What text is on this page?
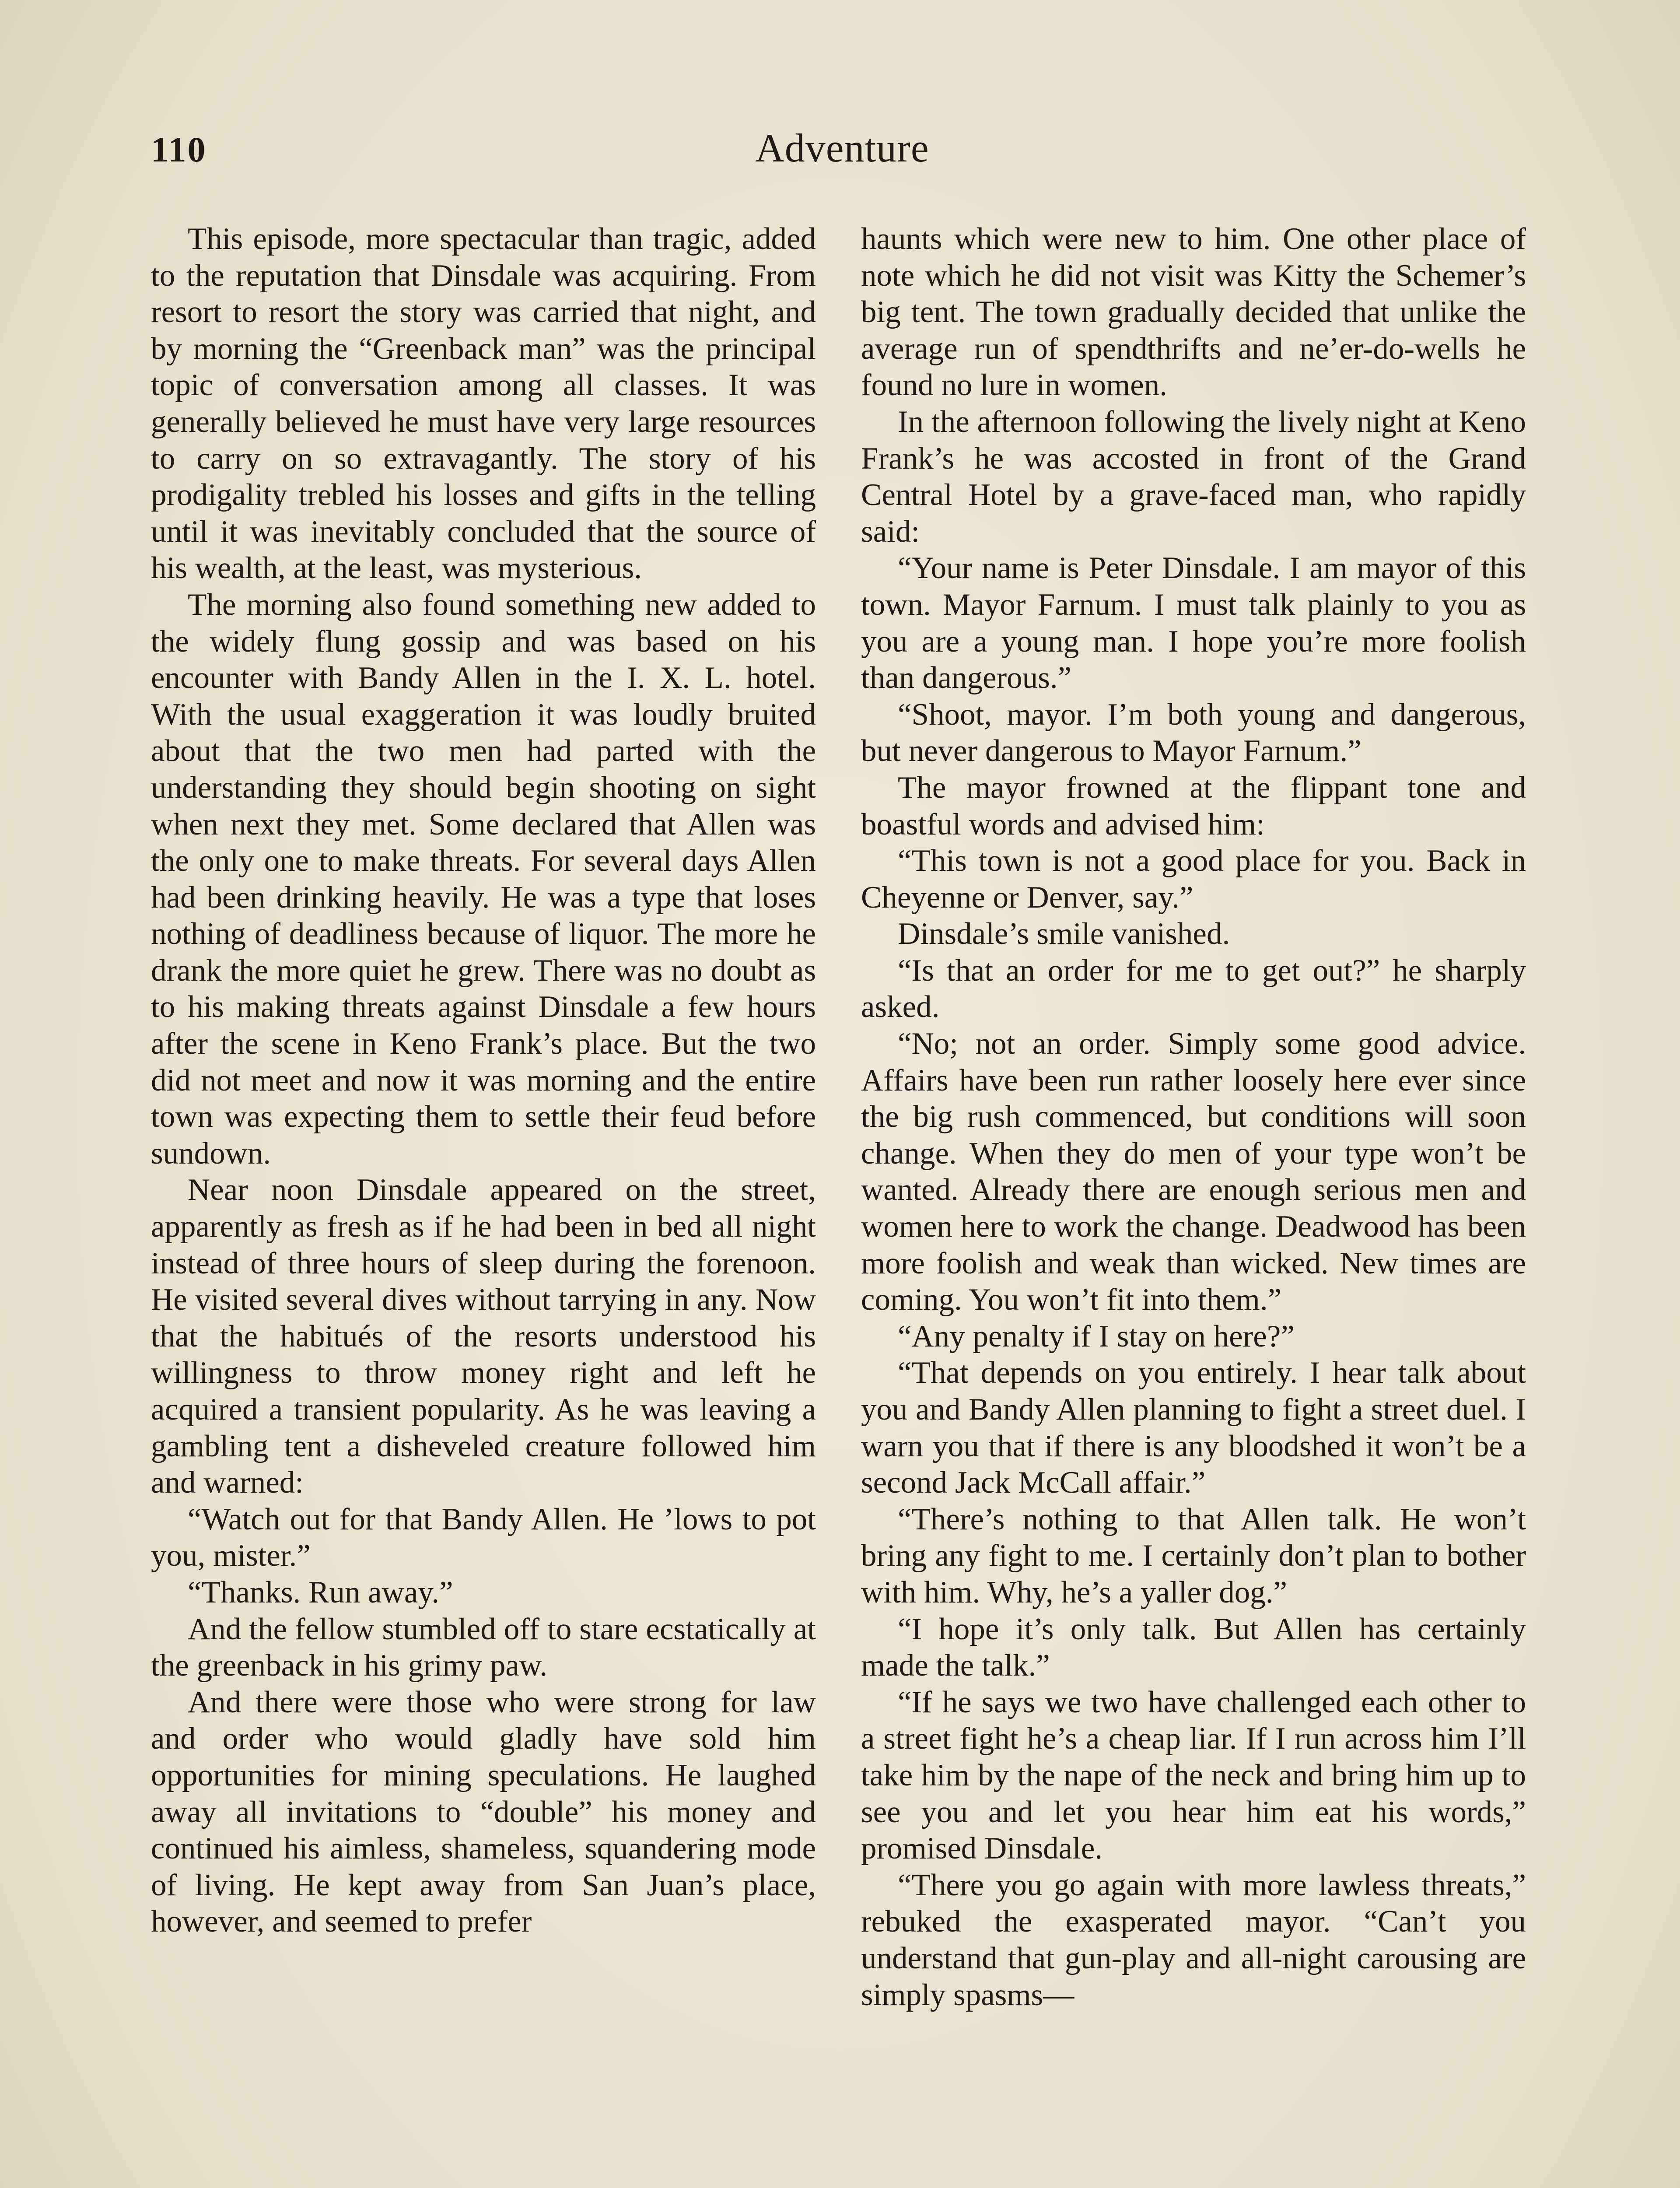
110	Adventure

This episode, more spectacular than tragic, added to the reputation that Dinsdale was acquiring. From resort to resort the story was carried that night, and by morning the “Greenback man” was the principal topic of conversation among all classes. It was generally believed he must have very large resources to carry on so extravagantly. The story of his prodigality trebled his losses and gifts in the telling until it was inevitably concluded that the source of his wealth, at the least, was mysterious.

The morning also found something new added to the widely flung gossip and was based on his encounter with Bandy Allen in the I. X. L. hotel. With the usual exaggeration it was loudly bruited about that the two men had parted with the understanding they should begin shooting on sight when next they met. Some declared that Allen was the only one to make threats. For several days Allen had been drinking heavily. He was a type that loses nothing of deadliness because of liquor. The more he drank the more quiet he grew. There was no doubt as to his making threats against Dinsdale a few hours after the scene in Keno Frank’s place. But the two did not meet and now it was morning and the entire town was expecting them to settle their feud before sundown.

Near noon Dinsdale appeared on the street, apparently as fresh as if he had been in bed all night instead of three hours of sleep during the forenoon. He visited several dives without tarrying in any. Now that the habitués of the resorts understood his willingness to throw money right and left he acquired a transient popularity. As he was leaving a gambling tent a disheveled creature followed him and warned:

“Watch out for that Bandy Allen. He ’lows to pot you, mister.”

“Thanks. Run away.”

And the fellow stumbled off to stare ecstatically at the greenback in his grimy paw.

And there were those who were strong for law and order who would gladly have sold him opportunities for mining speculations. He laughed away all invitations to “double” his money and continued his aimless, shameless, squandering mode of living. He kept away from San Juan’s place, however, and seemed to prefer

haunts which were new to him. One other place of note which he did not visit was Kitty the Schemer’s big tent. The town gradually decided that unlike the average run of spendthrifts and ne’er-do-wells he found no lure in women.

In the afternoon following the lively night at Keno Frank’s he was accosted in front of the Grand Central Hotel by a grave-faced man, who rapidly said:

“Your name is Peter Dinsdale. I am mayor of this town. Mayor Farnum. I must talk plainly to you as you are a young man. I hope you’re more foolish than dangerous.”

“Shoot, mayor. I’m both young and dangerous, but never dangerous to Mayor Farnum.”

The mayor frowned at the flippant tone and boastful words and advised him:

“This town is not a good place for you. Back in Cheyenne or Denver, say.”

Dinsdale’s smile vanished.

“Is that an order for me to get out?” he sharply asked.

“No; not an order. Simply some good advice. Affairs have been run rather loosely here ever since the big rush commenced, but conditions will soon change. When they do men of your type won’t be wanted. Already there are enough serious men and women here to work the change. Deadwood has been more foolish and weak than wicked. New times are coming. You won’t fit into them.”

“Any penalty if I stay on here?”

“That depends on you entirely. I hear talk about you and Bandy Allen planning to fight a street duel. I warn you that if there is any bloodshed it won’t be a second Jack McCall affair.”

“There’s nothing to that Allen talk. He won’t bring any fight to me. I certainly don’t plan to bother with him. Why, he’s a yaller dog.”

“I hope it’s only talk. But Allen has certainly made the talk.”

“If he says we two have challenged each other to a street fight he’s a cheap liar. If I run across him I’ll take him by the nape of the neck and bring him up to see you and let you hear him eat his words,” promised Dinsdale.

“There you go again with more lawless threats,” rebuked the exasperated mayor. “Can’t you understand that gun-play and all-night carousing are simply spasms—
